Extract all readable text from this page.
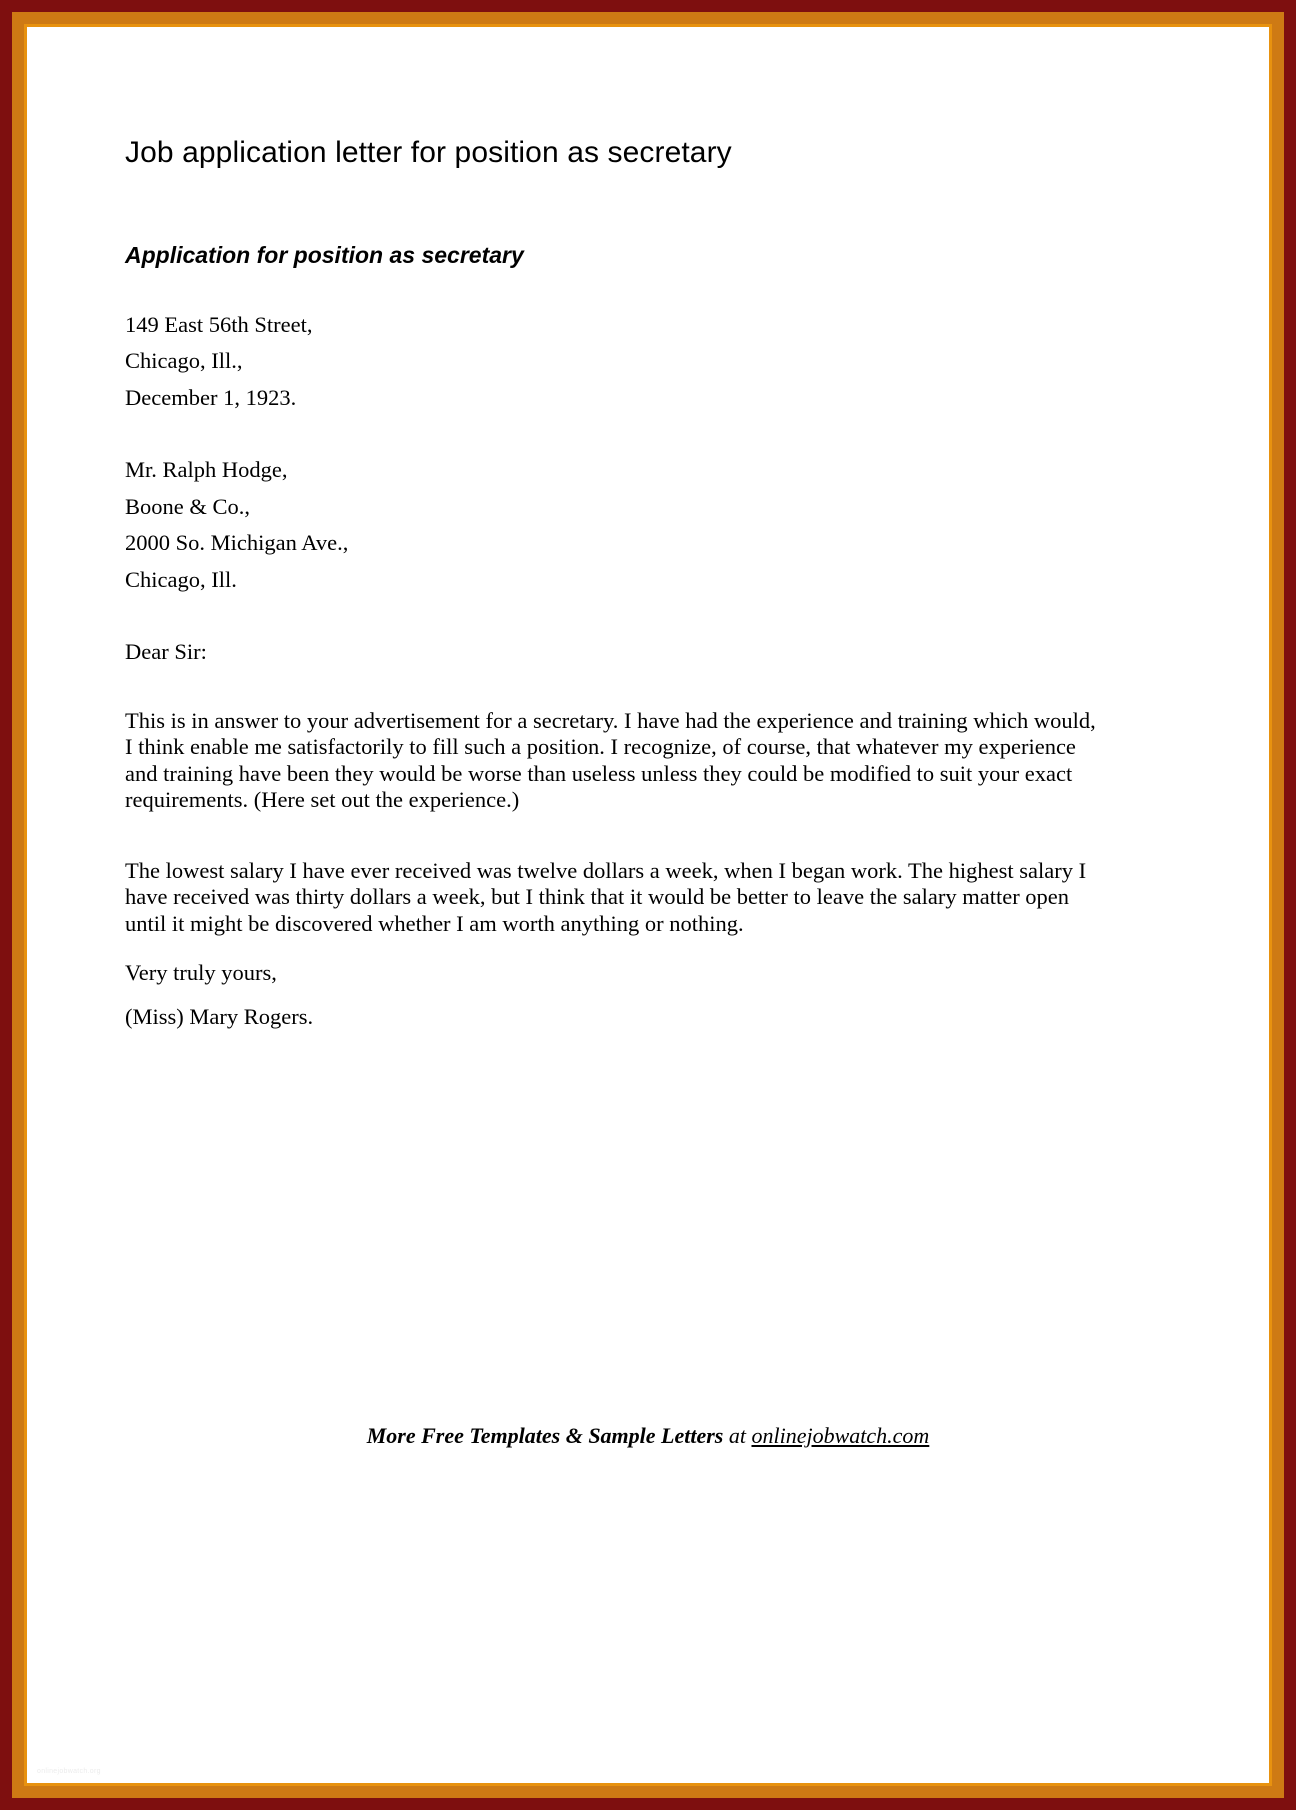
Job application letter for position as secretary
Application for position as secretary

149 East 56th Street,

Chicago, Ill.,

December 1, 1923.

Mr. Ralph Hodge,

Boone & Co.,

2000 So. Michigan Ave.,

Chicago, Ill.

Dear Sir:

This is in answer to your advertisement for a secretary. I have had the experience and training which would, I think enable me satisfactorily to fill such a position. I recognize, of course, that whatever my experience and training have been they would be worse than useless unless they could be modified to suit your exact requirements. (Here set out the experience.)

The lowest salary I have ever received was twelve dollars a week, when I began work. The highest salary I have received was thirty dollars a week, but I think that it would be better to leave the salary matter open until it might be discovered whether I am worth anything or nothing.

Very truly yours,

(Miss) Mary Rogers.

More Free Templates & Sample Letters at onlinejobwatch.com
onlinejobwatch.org
